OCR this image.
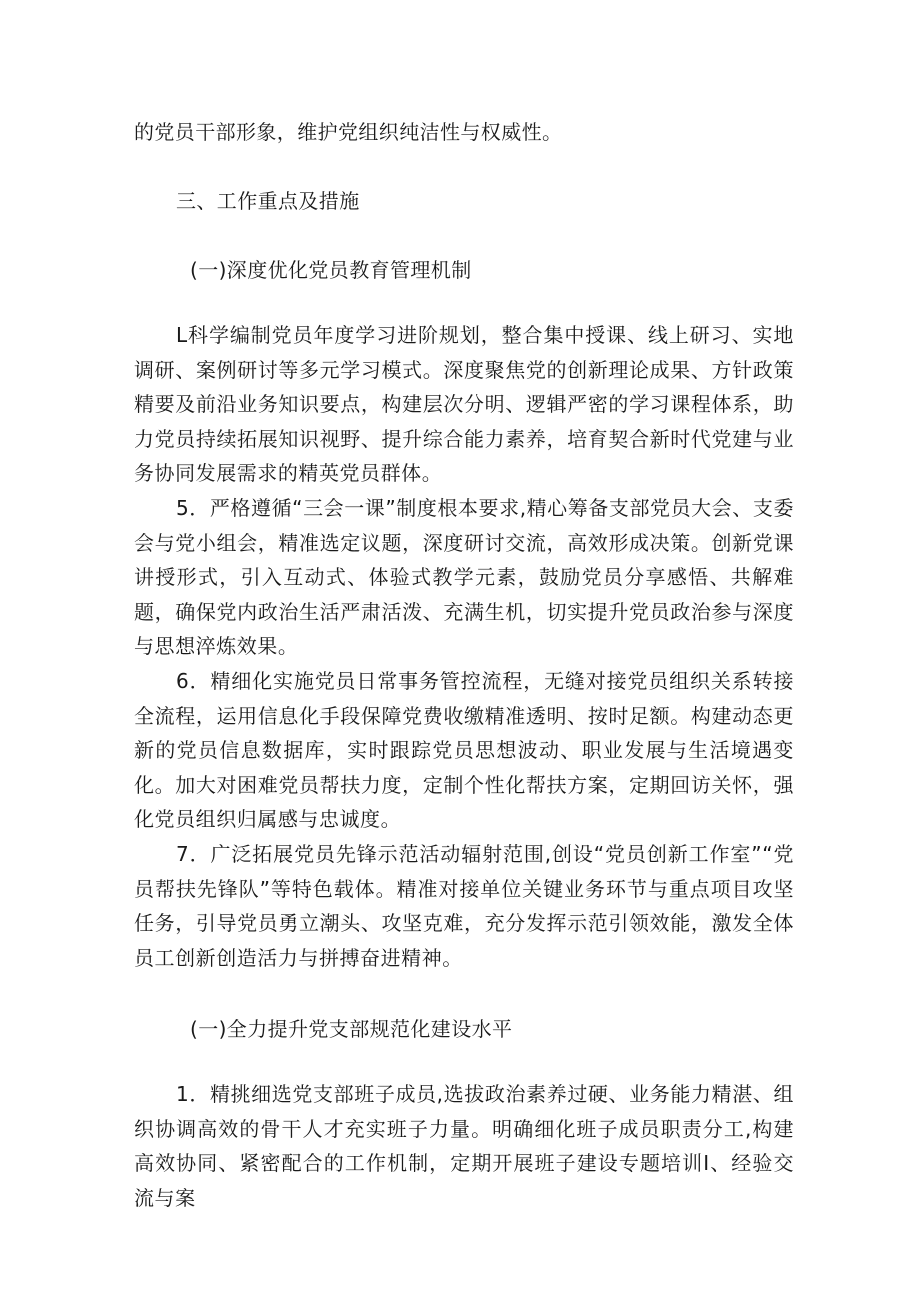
的党员干部形象，维护党组织纯洁性与权威性。
三、工作重点及措施
(一)深度优化党员教育管理机制

L科学编制党员年度学习进阶规划，整合集中授课、线上研习、实地调研、案例研讨等多元学习模式。深度聚焦党的创新理论成果、方针政策精要及前沿业务知识要点，构建层次分明、逻辑严密的学习课程体系，助力党员持续拓展知识视野、提升综合能力素养，培育契合新时代党建与业务协同发展需求的精英党员群体。

5．严格遵循“三会一课”制度根本要求,精心筹备支部党员大会、支委会与党小组会，精准选定议题，深度研讨交流，高效形成决策。创新党课讲授形式，引入互动式、体验式教学元素，鼓励党员分享感悟、共解难题，确保党内政治生活严肃活泼、充满生机，切实提升党员政治参与深度与思想淬炼效果。

6．精细化实施党员日常事务管控流程，无缝对接党员组织关系转接全流程，运用信息化手段保障党费收缴精准透明、按时足额。构建动态更新的党员信息数据库，实时跟踪党员思想波动、职业发展与生活境遇变化。加大对困难党员帮扶力度，定制个性化帮扶方案，定期回访关怀，强化党员组织归属感与忠诚度。

7．广泛拓展党员先锋示范活动辐射范围,创设“党员创新工作室”“党员帮扶先锋队”等特色载体。精准对接单位关键业务环节与重点项目攻坚任务，引导党员勇立潮头、攻坚克难，充分发挥示范引领效能，激发全体员工创新创造活力与拼搏奋进精神。

(一)全力提升党支部规范化建设水平

1．精挑细选党支部班子成员,选拔政治素养过硬、业务能力精湛、组织协调高效的骨干人才充实班子力量。明确细化班子成员职责分工,构建高效协同、紧密配合的工作机制，定期开展班子建设专题培训I、经验交流与案
